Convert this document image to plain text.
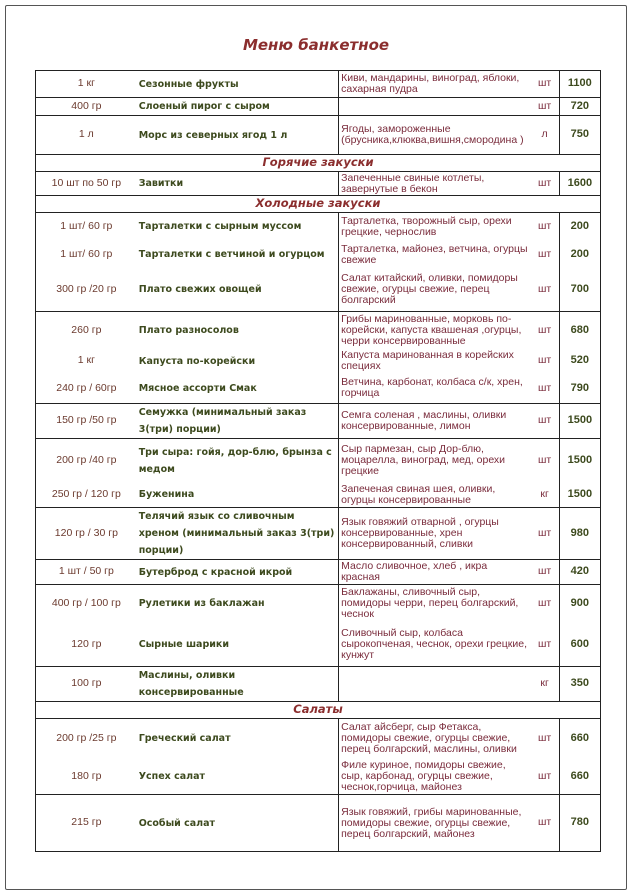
Меню банкетное
1 кг	Сезонные фрукты	Киви, мандарины, виноград, яблоки, сахарная пудра	шт	1100
400 гр	Слоеный пирог с сыром		шт	720
1 л	Морс из северных ягод 1 л	Ягоды, замороженные (брусника,клюква,вишня,смородина )	л	750
Горячие закуски				
10 шт по 50 гр	Завитки	Запеченные свиные котлеты, завернутые в бекон	шт	1600
Холодные закуски				
1 шт/ 60 гр	Тарталетки с сырным муссом	Тарталетка, творожный сыр, орехи грецкие, чернослив	шт	200
1 шт/ 60 гр	Тарталетки с ветчиной и огурцом	Тарталетка, майонез, ветчина, огурцы свежие	шт	200
300 гр /20 гр	Плато свежих овощей	Салат китайский, оливки, помидоры свежие, огурцы свежие, перец болгарский	шт	700
260 гр	Плато разносолов	Грибы маринованные, морковь по-корейски, капуста квашеная ,огурцы, черри консервированные	шт	680
1 кг	Капуста по-корейски	Капуста маринованная в корейских специях	шт	520
240 гр / 60гр	Мясное ассорти Смак	Ветчина, карбонат, колбаса с/к, хрен, горчица	шт	790
150 гр /50 гр	Семужка (минимальный заказ 3(три) порции)	Семга соленая , маслины, оливки консервированные, лимон	шт	1500
200 гр /40 гр	Три сыра: гойя, дор-блю, брынза с медом	Сыр пармезан, сыр Дор-блю, моцарелла, виноград, мед, орехи грецкие	шт	1500
250 гр / 120 гр	Буженина	Запеченая свиная шея, оливки, огурцы консервированные	кг	1500
120 гр / 30 гр	Телячий язык со сливочным хреном (минимальный заказ 3(три) порции)	Язык говяжий отварной , огурцы консервированные, хрен консервированный, сливки	шт	980
1 шт / 50 гр	Бутерброд с красной икрой	Масло сливочное, хлеб , икра красная	шт	420
400 гр / 100 гр	Рулетики из баклажан	Баклажаны, сливочный сыр, помидоры черри, перец болгарский, чеснок	шт	900
120 гр	Сырные шарики	Сливочный сыр, колбаса сырокопченая, чеснок, орехи грецкие, кунжут	шт	600
100 гр	Маслины, оливки консервированные		кг	350
Салаты				
200 гр /25 гр	Греческий салат	Салат айсберг, сыр Фетакса, помидоры свежие, огурцы свежие, перец болгарский, маслины, оливки	шт	660
180 гр	Успех салат	Филе куриное, помидоры свежие, сыр, карбонад, огурцы свежие, чеснок,горчица, майонез	шт	660
215 гр	Особый салат	Язык говяжий, грибы маринованные, помидоры свежие, огурцы свежие, перец болгарский, майонез	шт	780
